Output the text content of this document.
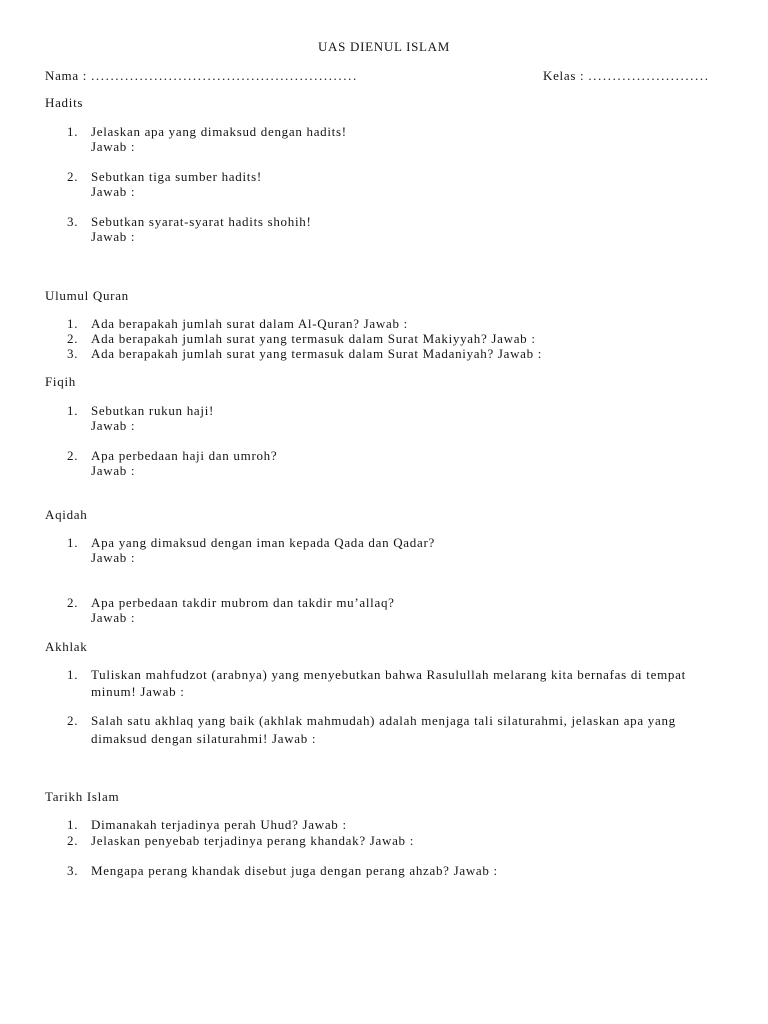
UAS DIENUL ISLAM
Nama : .......................................................	Kelas : .........................
Hadits
1. Jelaskan apa yang dimaksud dengan hadits!
Jawab :
2. Sebutkan tiga sumber hadits!
Jawab :
3. Sebutkan syarat-syarat hadits shohih!
Jawab :
Ulumul Quran
1. Ada berapakah jumlah surat dalam Al-Quran? Jawab :
2. Ada berapakah jumlah surat yang termasuk dalam Surat Makiyyah? Jawab :
3. Ada berapakah jumlah surat yang termasuk dalam Surat Madaniyah? Jawab :
Fiqih
1. Sebutkan rukun haji!
Jawab :
2. Apa perbedaan haji dan umroh?
Jawab :
Aqidah
1. Apa yang dimaksud dengan iman kepada Qada dan Qadar?
Jawab :
2. Apa perbedaan takdir mubrom dan takdir mu’allaq?
Jawab :
Akhlak
1. Tuliskan mahfudzot (arabnya) yang menyebutkan bahwa Rasulullah melarang kita bernafas di tempat
minum! Jawab :
2. Salah satu akhlaq yang baik (akhlak mahmudah) adalah menjaga tali silaturahmi, jelaskan apa yang
dimaksud dengan silaturahmi! Jawab :
Tarikh Islam
1. Dimanakah terjadinya perah Uhud? Jawab :
2. Jelaskan penyebab terjadinya perang khandak? Jawab :
3. Mengapa perang khandak disebut juga dengan perang ahzab? Jawab :
